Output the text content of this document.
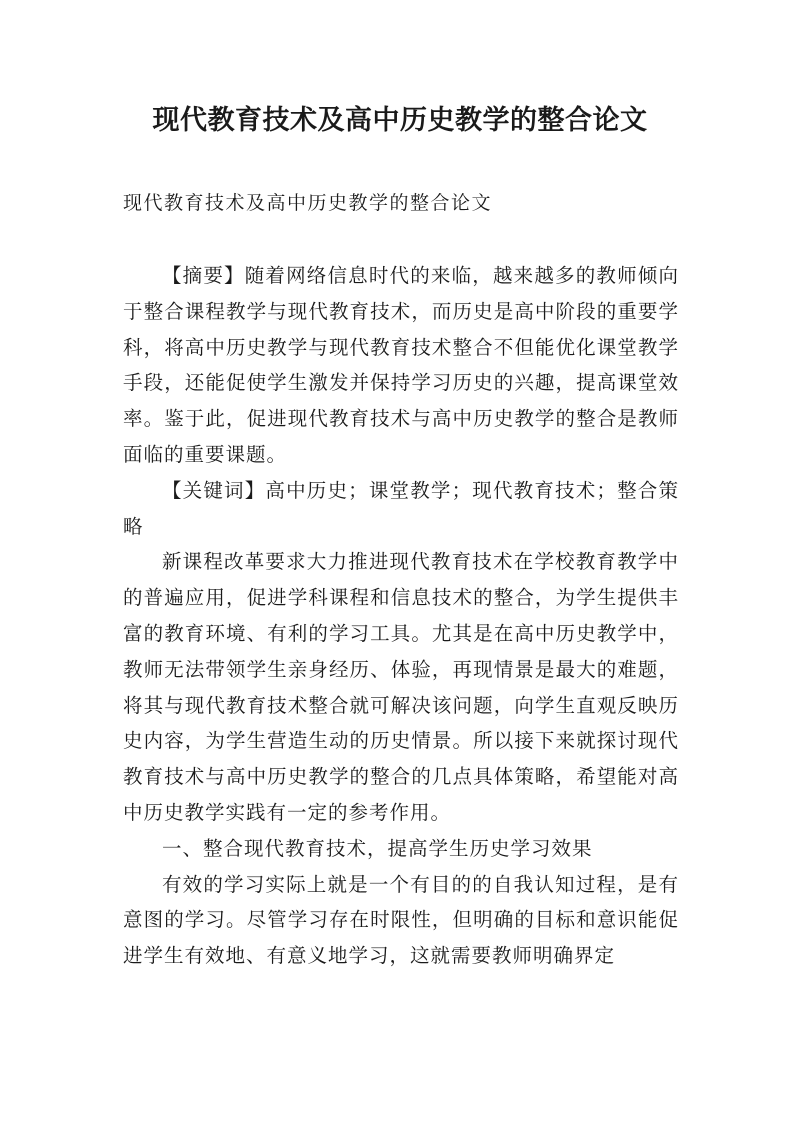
现代教育技术及高中历史教学的整合论文

现代教育技术及高中历史教学的整合论文

【摘要】随着网络信息时代的来临，越来越多的教师倾向于整合课程教学与现代教育技术，而历史是高中阶段的重要学科，将高中历史教学与现代教育技术整合不但能优化课堂教学手段，还能促使学生激发并保持学习历史的兴趣，提高课堂效率。鉴于此，促进现代教育技术与高中历史教学的整合是教师面临的重要课题。

【关键词】高中历史；课堂教学；现代教育技术；整合策略

新课程改革要求大力推进现代教育技术在学校教育教学中的普遍应用，促进学科课程和信息技术的整合，为学生提供丰富的教育环境、有利的学习工具。尤其是在高中历史教学中，教师无法带领学生亲身经历、体验，再现情景是最大的难题，将其与现代教育技术整合就可解决该问题，向学生直观反映历史内容，为学生营造生动的历史情景。所以接下来就探讨现代教育技术与高中历史教学的整合的几点具体策略，希望能对高中历史教学实践有一定的参考作用。

一、整合现代教育技术，提高学生历史学习效果

有效的学习实际上就是一个有目的的自我认知过程，是有意图的学习。尽管学习存在时限性，但明确的目标和意识能促进学生有效地、有意义地学习，这就需要教师明确界定
